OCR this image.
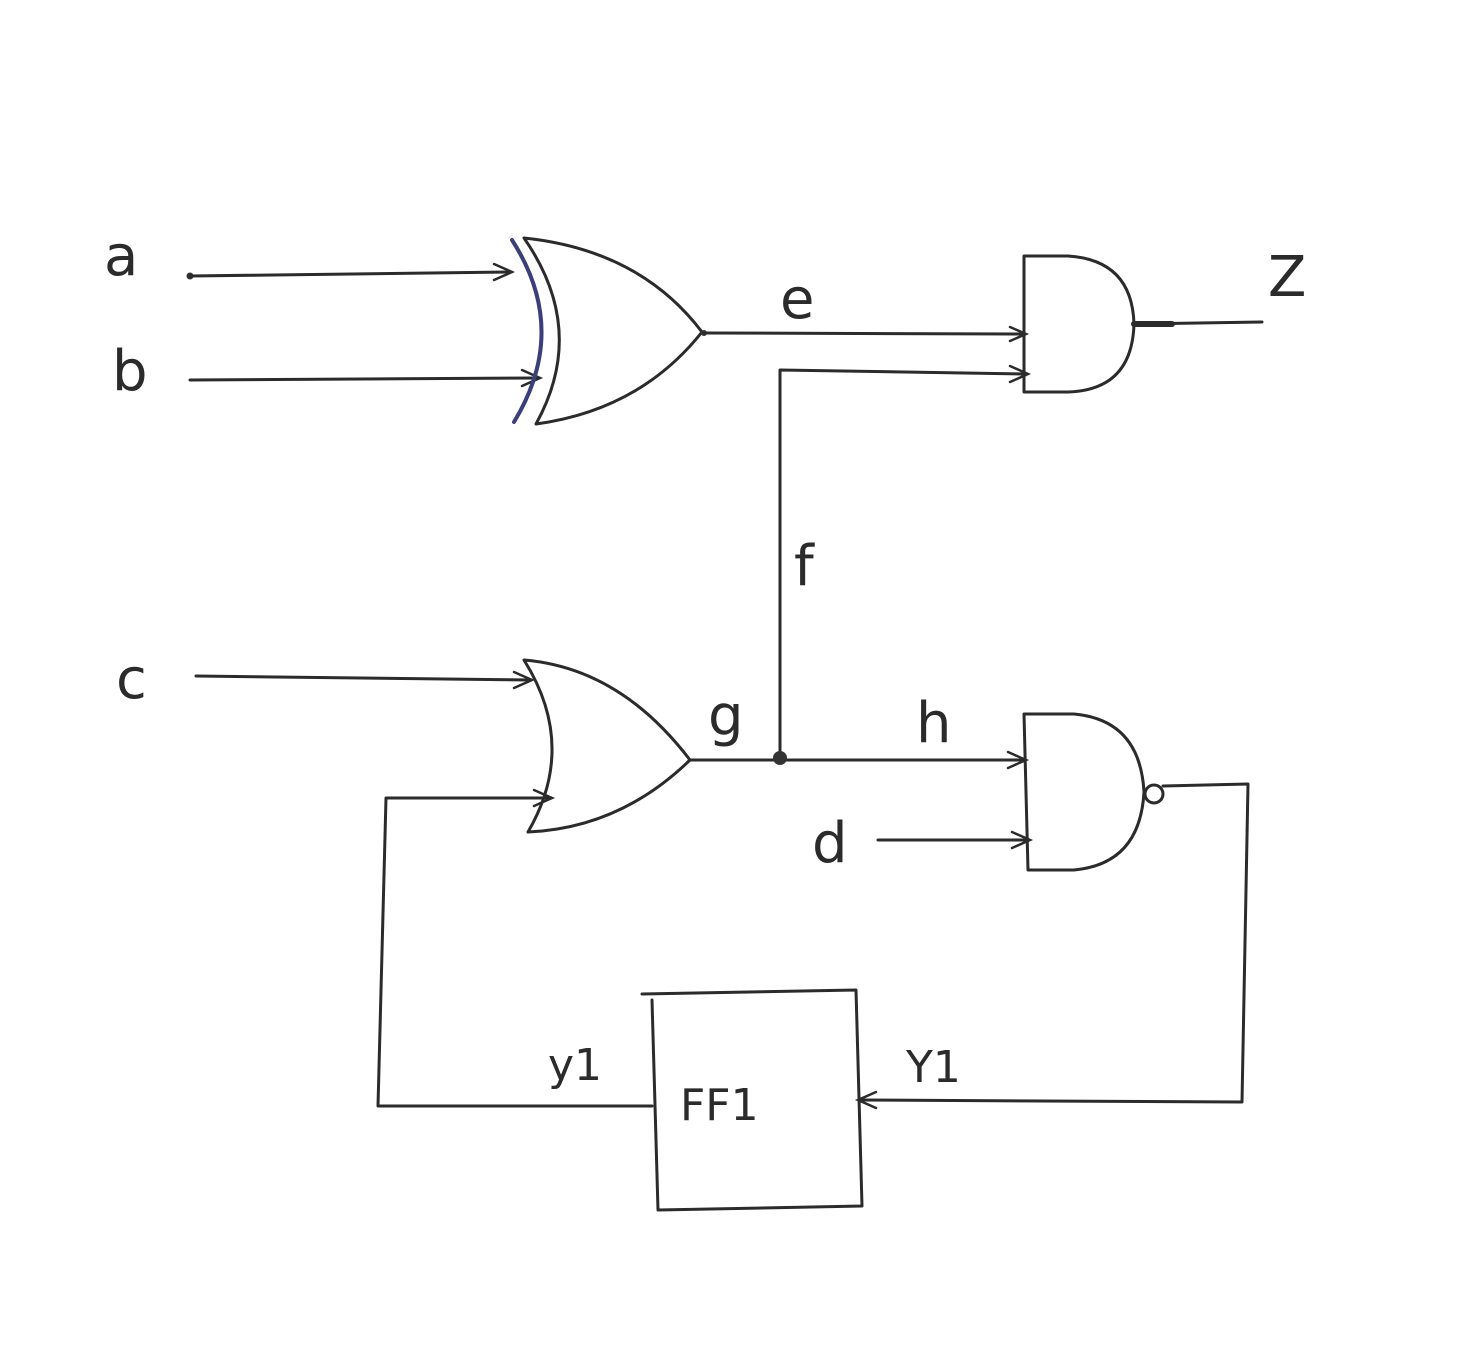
a
b
c
d
e
f
g	h
Z
FF1
Y1
y1
